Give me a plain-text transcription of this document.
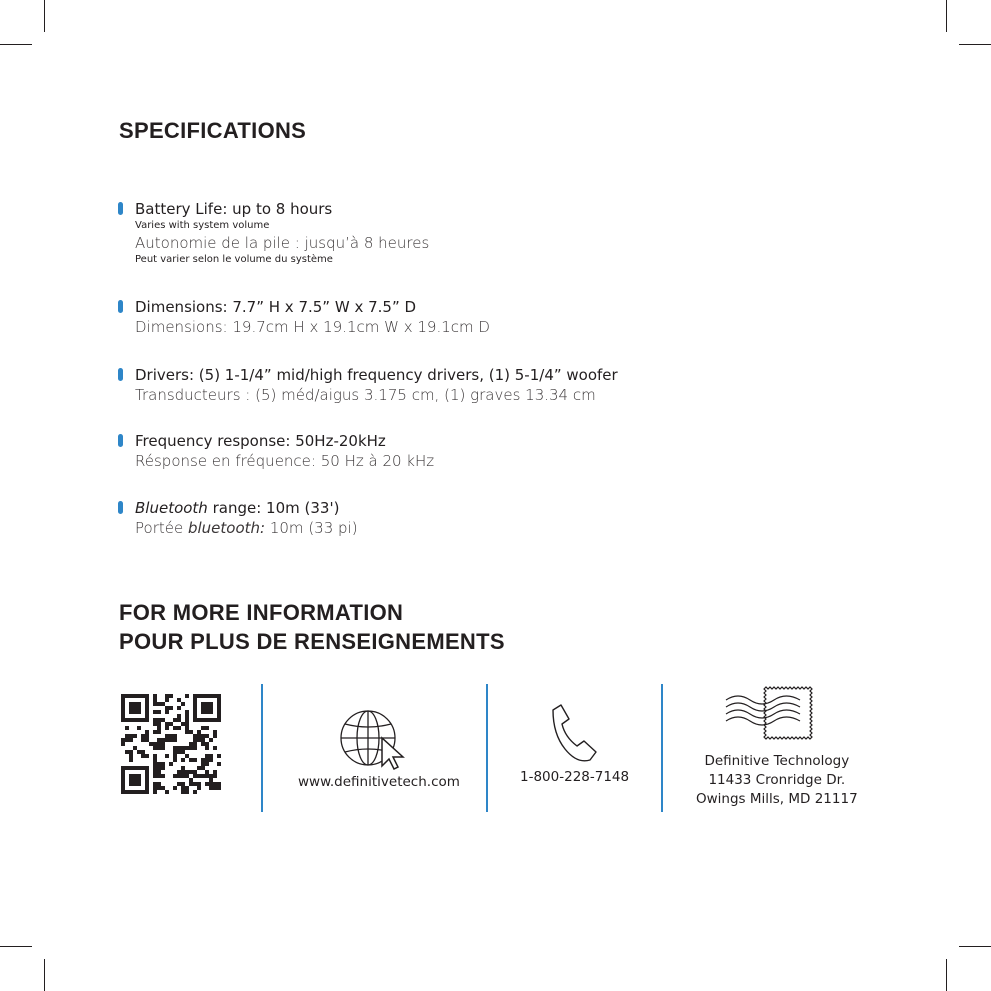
SPECIFICATIONS
Battery Life: up to 8 hours
Varies with system volume
Autonomie de la pile : jusqu’à 8 heures
Peut varier selon le volume du système
Dimensions: 7.7” H x 7.5” W x 7.5” D
Dimensions: 19.7cm H x 19.1cm W x 19.1cm D
Drivers: (5) 1-1/4” mid/high frequency drivers, (1) 5-1/4” woofer
Transducteurs : (5) méd/aigus 3.175 cm, (1) graves 13.34 cm
Frequency response: 50Hz-20kHz
Résponse en fréquence: 50 Hz à 20 kHz
Bluetooth range: 10m (33')
Portée bluetooth: 10m (33 pi)
FOR MORE INFORMATION
POUR PLUS DE RENSEIGNEMENTS
www.definitivetech.com	1-800-228-7148
Definitive Technology
11433 Cronridge Dr.
Owings Mills, MD 21117
